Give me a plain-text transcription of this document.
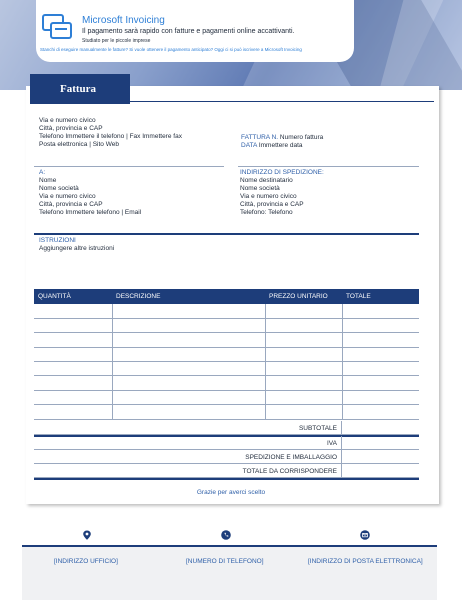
Microsoft Invoicing
Il pagamento sarà rapido con fatture e pagamenti online accattivanti.
Studiato per le piccole imprese
Stanchi di eseguire manualmente le fatture? Si vuole ottenere il pagamento anticipato? Oggi ci si può iscrivere a Microsoft Invoicing
Fattura
Via e numero civico
Città, provincia e CAP
Telefono Immettere il telefono | Fax Immettere fax
Posta elettronica | Sito Web
FATTURA N. Numero fattura
DATA Immettere data
A:
Nome
Nome società
Via e numero civico
Città, provincia e CAP
Telefono Immettere telefono | Email
INDIRIZZO DI SPEDIZIONE:
Nome destinatario
Nome società
Via e numero civico
Città, provincia e CAP
Telefono: Telefono
ISTRUZIONI
Aggiungere altre istruzioni
QUANTITÀ	DESCRIZIONE	PREZZO UNITARIO	TOTALE

SUBTOTALE
IVA
SPEDIZIONE E IMBALLAGGIO
TOTALE DA CORRISPONDERE
Grazie per averci scelto
[INDIRIZZO UFFICIO]	[NUMERO DI TELEFONO]	[INDIRIZZO DI POSTA ELETTRONICA]
